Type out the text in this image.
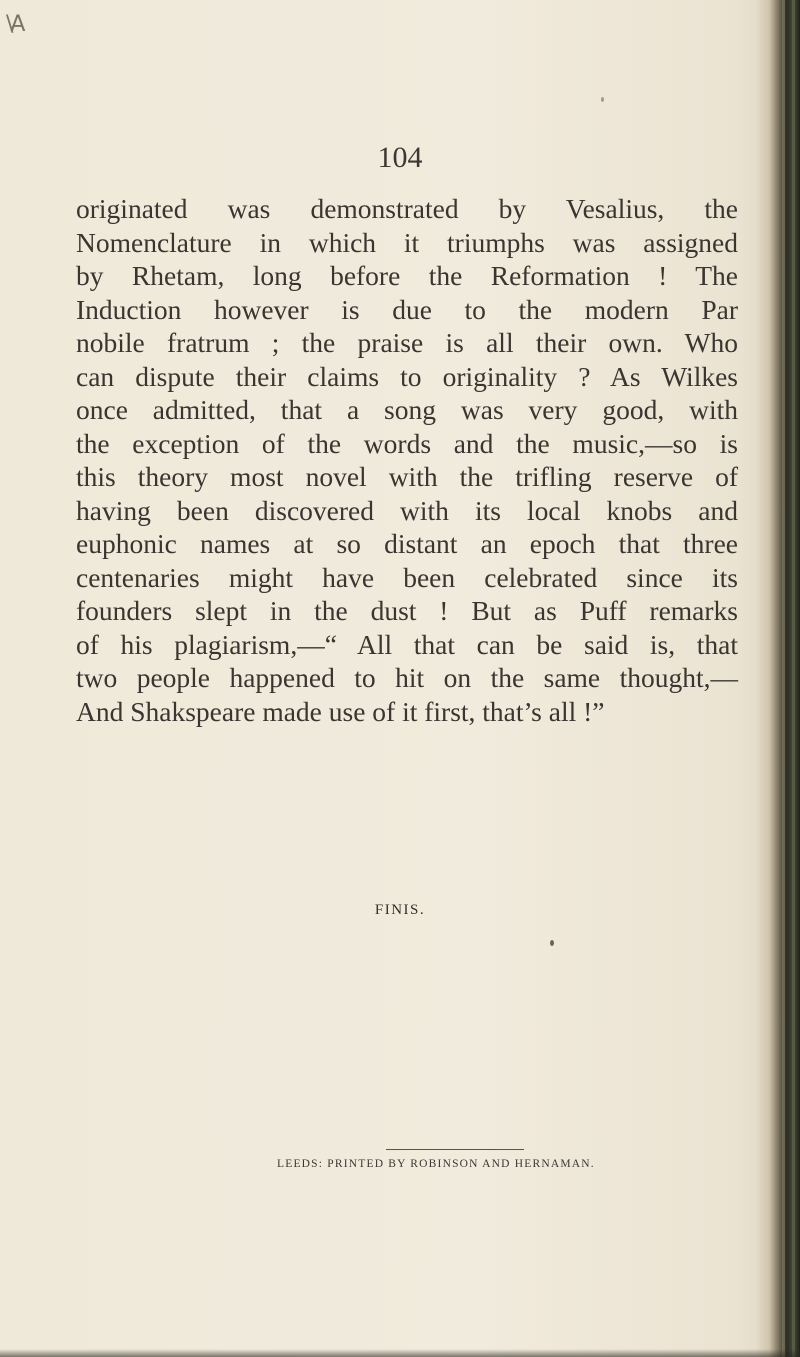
\A
104
originated was demonstrated by Vesalius, the
Nomenclature in which it triumphs was assigned
by Rhetam, long before the Reformation ! The
Induction however is due to the modern Par
nobile fratrum ; the praise is all their own. Who
can dispute their claims to originality ? As Wilkes
once admitted, that a song was very good, with
the exception of the words and the music,—so is
this theory most novel with the trifling reserve of
having been discovered with its local knobs and
euphonic names at so distant an epoch that three
centenaries might have been celebrated since its
founders slept in the dust ! But as Puff remarks
of his plagiarism,—“ All that can be said is, that
two people happened to hit on the same thought,—
And Shakspeare made use of it first, that’s all !”
FINIS.
LEEDS: PRINTED BY ROBINSON AND HERNAMAN.
